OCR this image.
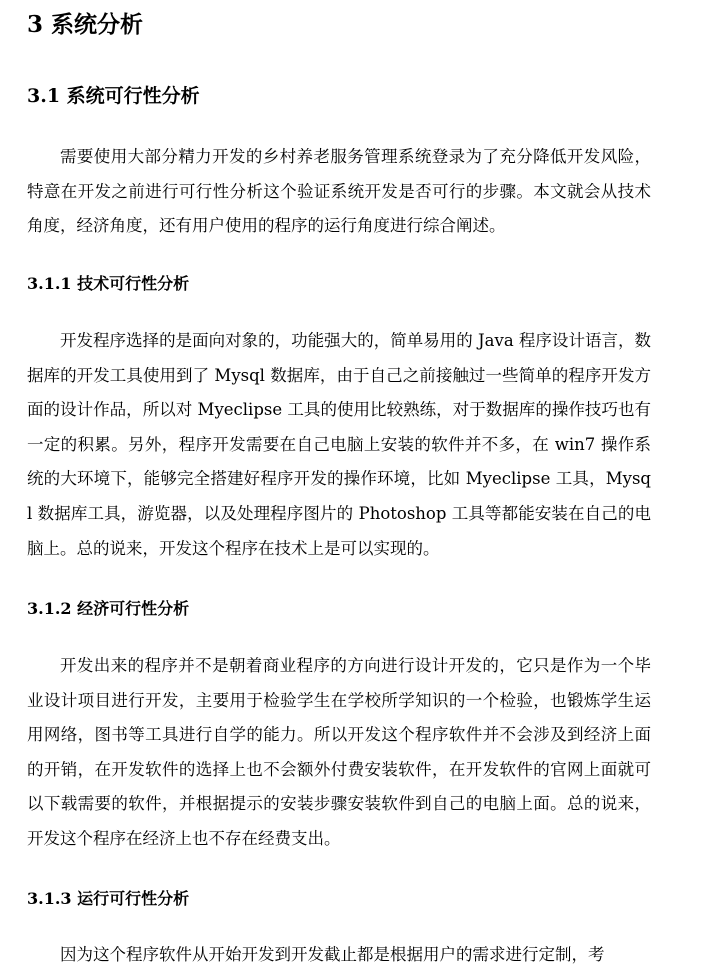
3 系统分析
3.1 系统可行性分析

需要使用大部分精力开发的乡村养老服务管理系统登录为了充分降低开发风险，特意在开发之前进行可行性分析这个验证系统开发是否可行的步骤。本文就会从技术角度，经济角度，还有用户使用的程序的运行角度进行综合阐述。

3.1.1 技术可行性分析

开发程序选择的是面向对象的，功能强大的，简单易用的 Java 程序设计语言，数据库的开发工具使用到了 Mysql 数据库，由于自己之前接触过一些简单的程序开发方面的设计作品，所以对 Myeclipse 工具的使用比较熟练，对于数据库的操作技巧也有一定的积累。另外，程序开发需要在自己电脑上安装的软件并不多，在 win7 操作系统的大环境下，能够完全搭建好程序开发的操作环境，比如 Myeclipse 工具，Mysql 数据库工具，游览器，以及处理程序图片的 Photoshop 工具等都能安装在自己的电脑上。总的说来，开发这个程序在技术上是可以实现的。

3.1.2 经济可行性分析

开发出来的程序并不是朝着商业程序的方向进行设计开发的，它只是作为一个毕业设计项目进行开发，主要用于检验学生在学校所学知识的一个检验，也锻炼学生运用网络，图书等工具进行自学的能力。所以开发这个程序软件并不会涉及到经济上面的开销，在开发软件的选择上也不会额外付费安装软件，在开发软件的官网上面就可以下载需要的软件，并根据提示的安装步骤安装软件到自己的电脑上面。总的说来，开发这个程序在经济上也不存在经费支出。

3.1.3 运行可行性分析

因为这个程序软件从开始开发到开发截止都是根据用户的需求进行定制，考
